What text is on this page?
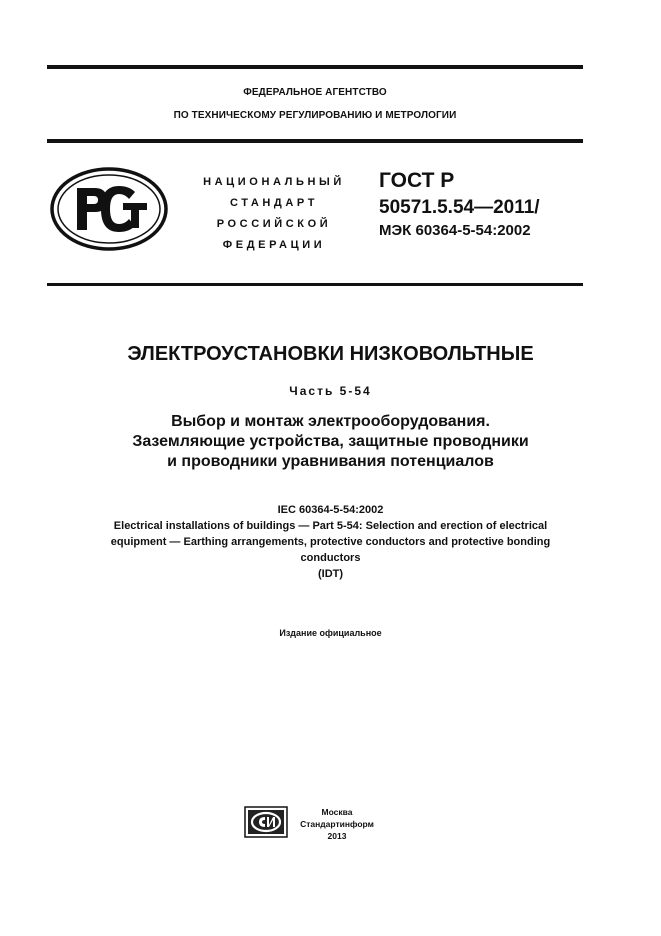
ФЕДЕРАЛЬНОЕ АГЕНТСТВО
ПО ТЕХНИЧЕСКОМУ РЕГУЛИРОВАНИЮ И МЕТРОЛОГИИ
НАЦИОНАЛЬНЫЙ
СТАНДАРТ
РОССИЙСКОЙ
ФЕДЕРАЦИИ
ГОСТ Р
50571.5.54—2011/
МЭК 60364-5-54:2002
ЭЛЕКТРОУСТАНОВКИ НИЗКОВОЛЬТНЫЕ
Часть 5-54
Выбор и монтаж электрооборудования.
Заземляющие устройства, защитные проводники
и проводники уравнивания потенциалов
IEC 60364-5-54:2002
Electrical installations of buildings — Part 5-54: Selection and erection of electrical
equipment — Earthing arrangements, protective conductors and protective bonding
conductors
(IDT)
Издание официальное
Москва
Стандартинформ
2013
